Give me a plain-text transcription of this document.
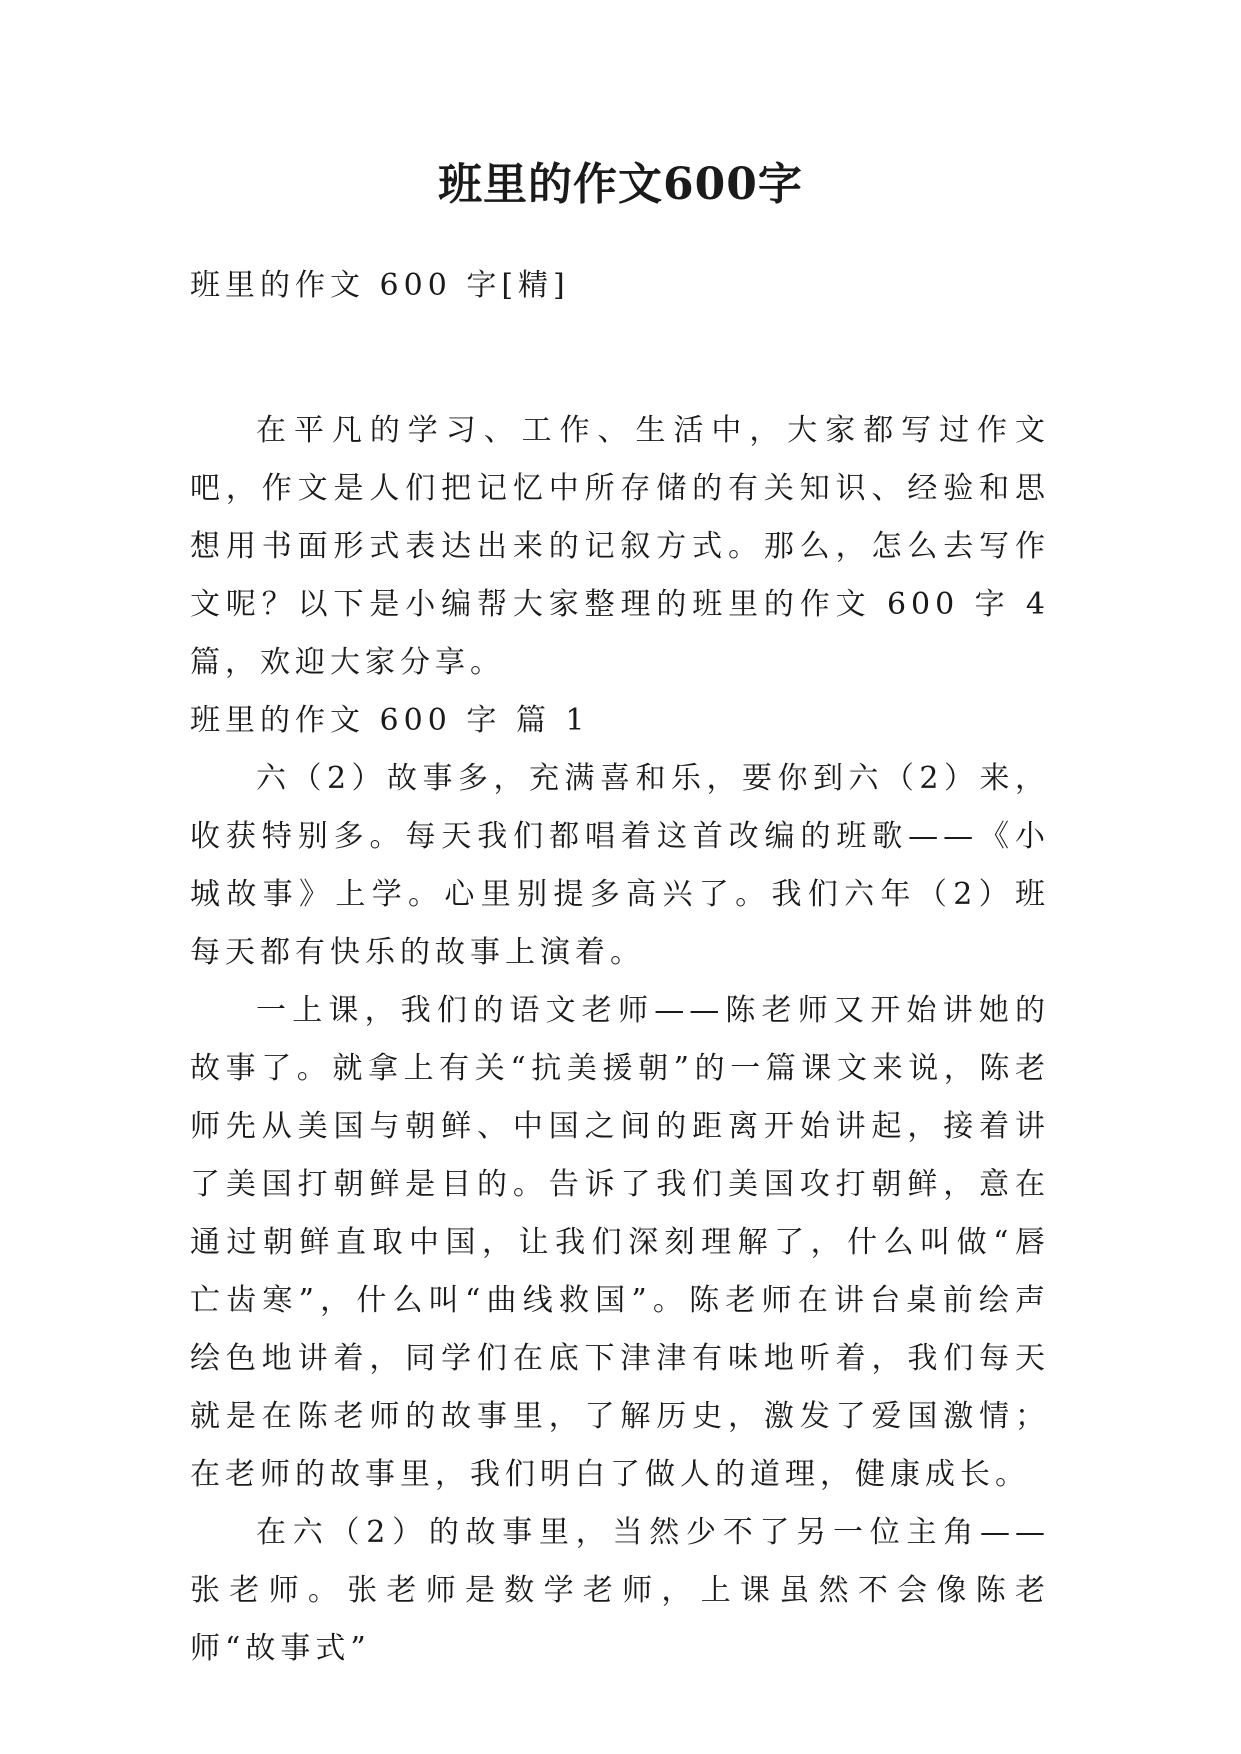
班里的作文600字
班里的作文 600 字[精]

在平凡的学习、工作、生活中，大家都写过作文吧，作文是人们把记忆中所存储的有关知识、经验和思想用书面形式表达出来的记叙方式。那么，怎么去写作文呢？以下是小编帮大家整理的班里的作文 600 字 4 篇，欢迎大家分享。

班里的作文 600 字 篇 1

六（2）故事多，充满喜和乐，要你到六（2）来，收获特别多。每天我们都唱着这首改编的班歌——《小城故事》上学。心里别提多高兴了。我们六年（2）班每天都有快乐的故事上演着。

一上课，我们的语文老师——陈老师又开始讲她的故事了。就拿上有关“抗美援朝”的一篇课文来说，陈老师先从美国与朝鲜、中国之间的距离开始讲起，接着讲了美国打朝鲜是目的。告诉了我们美国攻打朝鲜，意在通过朝鲜直取中国，让我们深刻理解了，什么叫做“唇亡齿寒”，什么叫“曲线救国”。陈老师在讲台桌前绘声绘色地讲着，同学们在底下津津有味地听着，我们每天就是在陈老师的故事里，了解历史，激发了爱国激情；在老师的故事里，我们明白了做人的道理，健康成长。

在六（2）的故事里，当然少不了另一位主角——张老师。张老师是数学老师，上课虽然不会像陈老师“故事式”
